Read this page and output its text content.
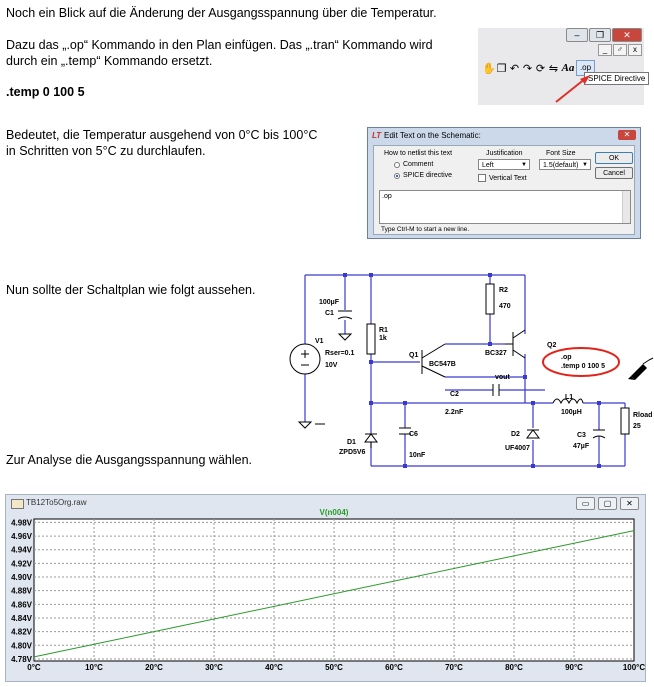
Noch ein Blick auf die Änderung der Ausgangsspannung über die Temperatur.
Dazu das „.op“ Kommando in den Plan einfügen. Das „.tran“ Kommando wird
durch ein „.temp“ Kommando ersetzt.
.temp 0 100 5
Bedeutet, die Temperatur ausgehend von 0°C bis 100°C
in Schritten von 5°C zu durchlaufen.
Nun sollte der Schaltplan wie folgt aussehen.
Zur Analyse die Ausgangsspannung wählen.
–	❐	✕
_	♂	x
✋ ❐ ↶ ↷ ⟳ ⇋ Aa .op
SPICE Directive
LT Edit Text on the Schematic:	✕
How to netlist this text
Comment
SPICE directive
Justification
Left	▼
Vertical Text
Font Size
1.5(default) ▼
OK
Cancel
.op
Type Ctrl-M to start a new line.
100µF
C1
R1
1k
V1
Rser=0.1
10V
Q1
BC547B
R2
470
Q2
BC327
vout
C2
2.2nF
L1
100µH
D1
ZPD5V6
C6
10nF
D2
UF4007
C3
47µF
Rload
25
.op
.temp 0 100 5
TB12To5Org.raw	▭	▢	✕
4.78V
4.80V
4.82V
4.84V
4.86V
4.88V
4.90V
4.92V
4.94V
4.96V
4.98V
0°C	10°C	20°C	30°C	40°C	50°C	60°C	70°C	80°C	90°C	100°C
V(n004)
